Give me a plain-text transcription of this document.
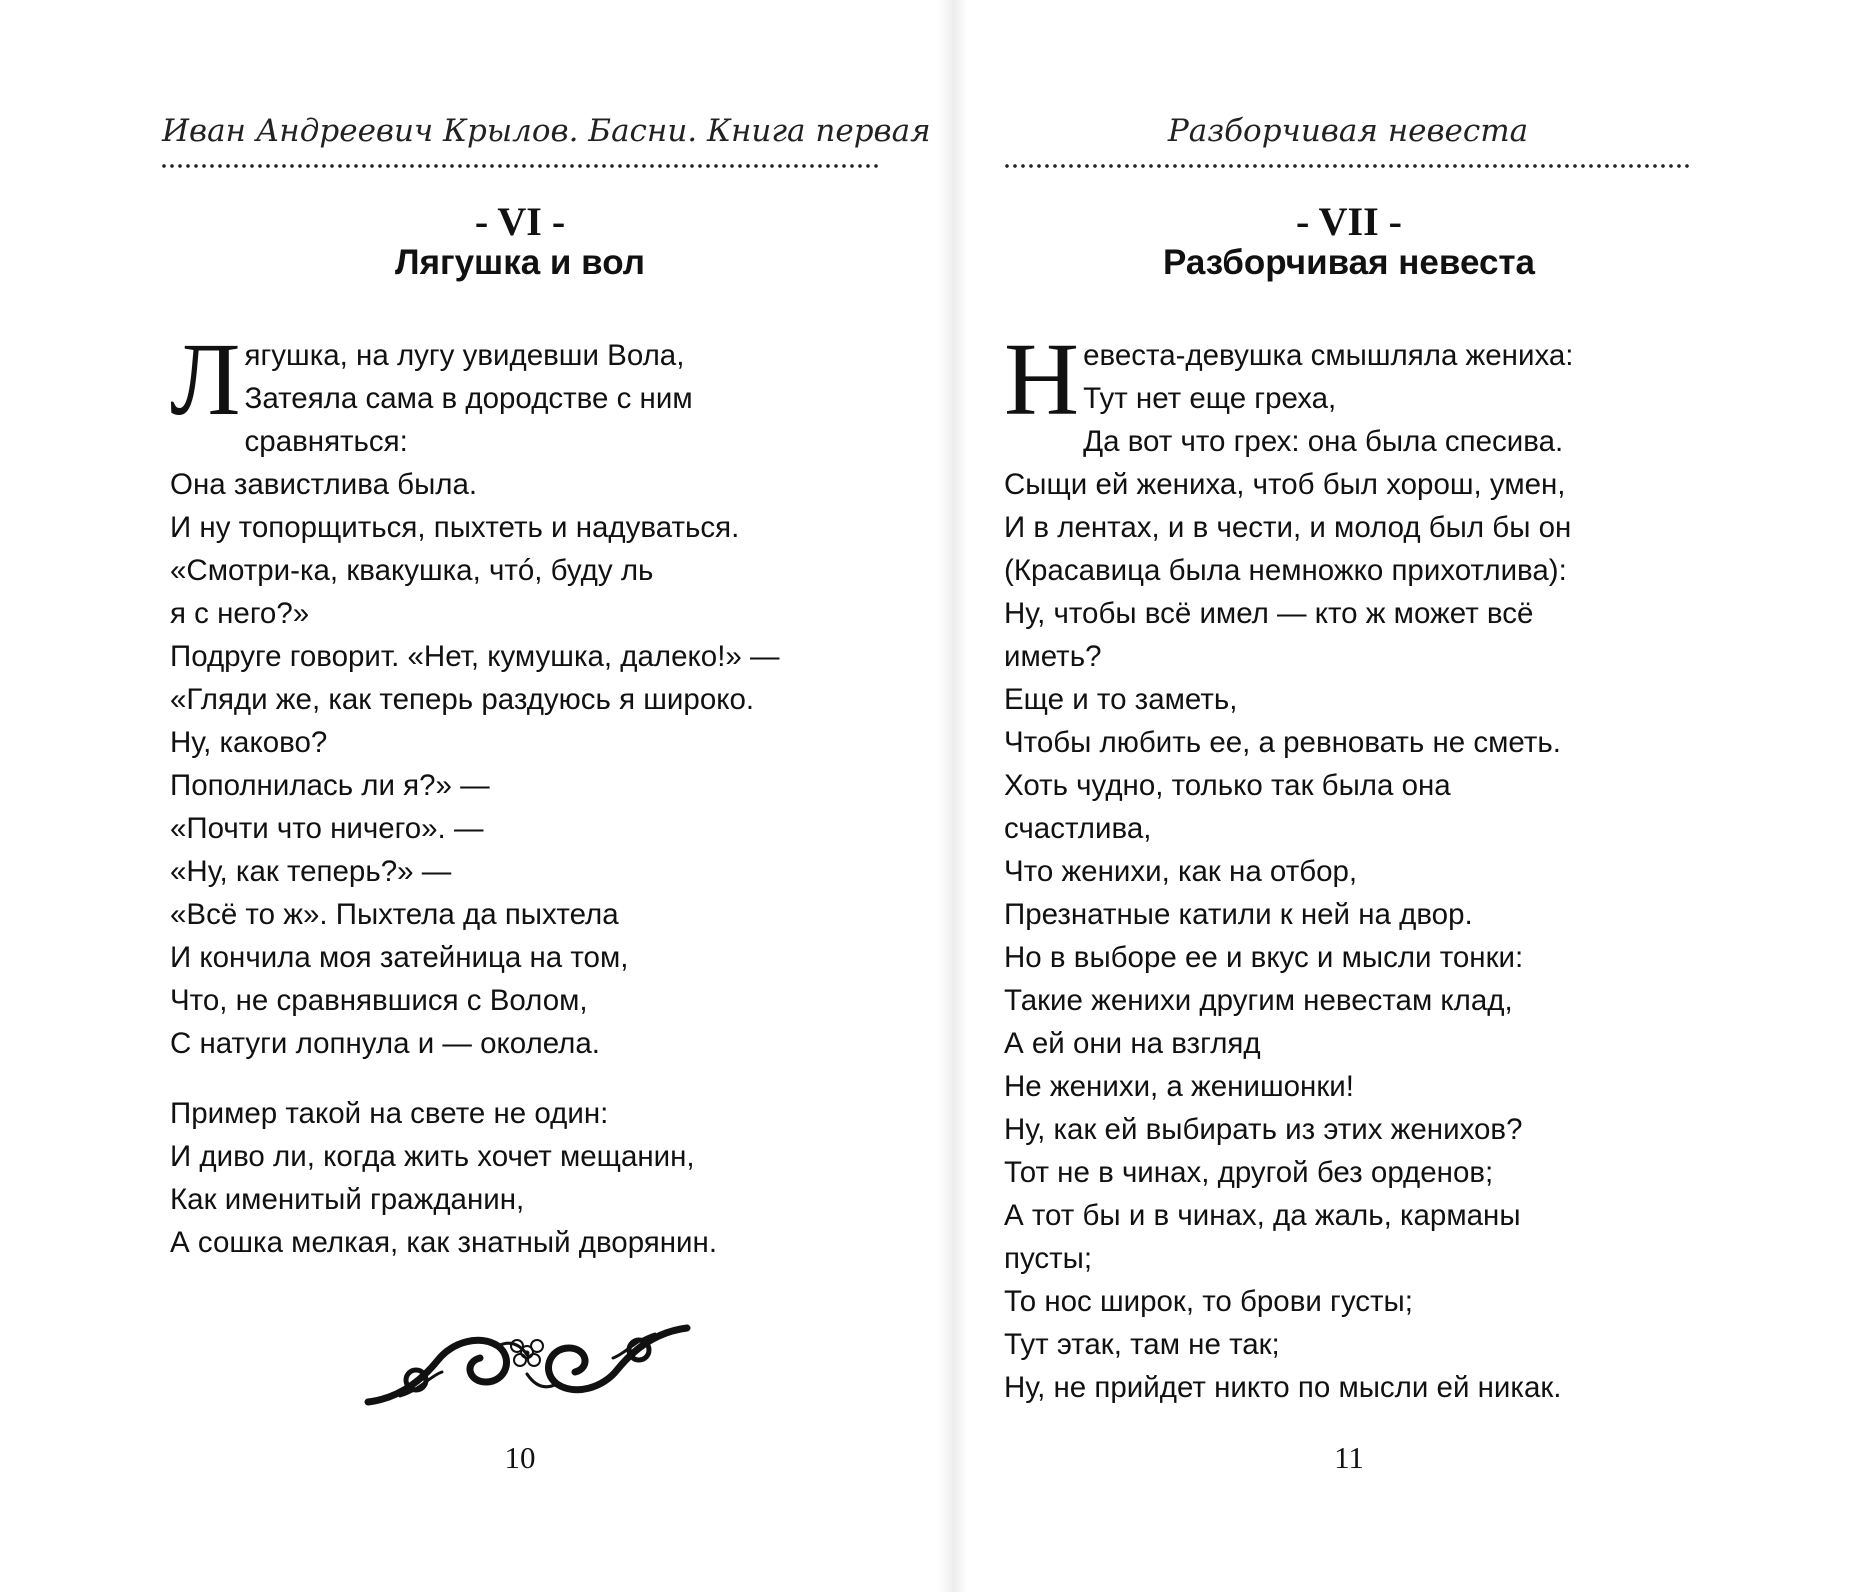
Иван Андреевич Крылов. Басни. Книга первая
- VI -
Лягушка и вол
Л ягушка, на лугу увидевши Вола,
Затеяла сама в дородстве с ним
сравняться:
Она завистлива была.
И ну топорщиться, пыхтеть и надуваться.
«Смотри-ка, квакушка, чтó, буду ль
я с него?»
Подруге говорит. «Нет, кумушка, далеко!» —
«Гляди же, как теперь раздуюсь я широко.
Ну, каково?
Пополнилась ли я?» —
«Почти что ничего». —
«Ну, как теперь?» —
«Всё то ж». Пыхтела да пыхтела
И кончила моя затейница на том,
Что, не сравнявшися с Волом,
С натуги лопнула и — околела.
Пример такой на свете не один:
И диво ли, когда жить хочет мещанин,
Как именитый гражданин,
А сошка мелкая, как знатный дворянин.
10
Разборчивая невеста
- VII -
Разборчивая невеста
Н евеста-девушка смышляла жениха:
Тут нет еще греха,
Да вот что грех: она была спесива.
Сыщи ей жениха, чтоб был хорош, умен,
И в лентах, и в чести, и молод был бы он
(Красавица была немножко прихотлива):
Ну, чтобы всё имел — кто ж может всё
иметь?
Еще и то заметь,
Чтобы любить ее, а ревновать не сметь.
Хоть чудно, только так была она
счастлива,
Что женихи, как на отбор,
Презнатные катили к ней на двор.
Но в выборе ее и вкус и мысли тонки:
Такие женихи другим невестам клад,
А ей они на взгляд
Не женихи, а женишонки!
Ну, как ей выбирать из этих женихов?
Тот не в чинах, другой без орденов;
А тот бы и в чинах, да жаль, карманы
пусты;
То нос широк, то брови густы;
Тут этак, там не так;
Ну, не прийдет никто по мысли ей никак.
11
